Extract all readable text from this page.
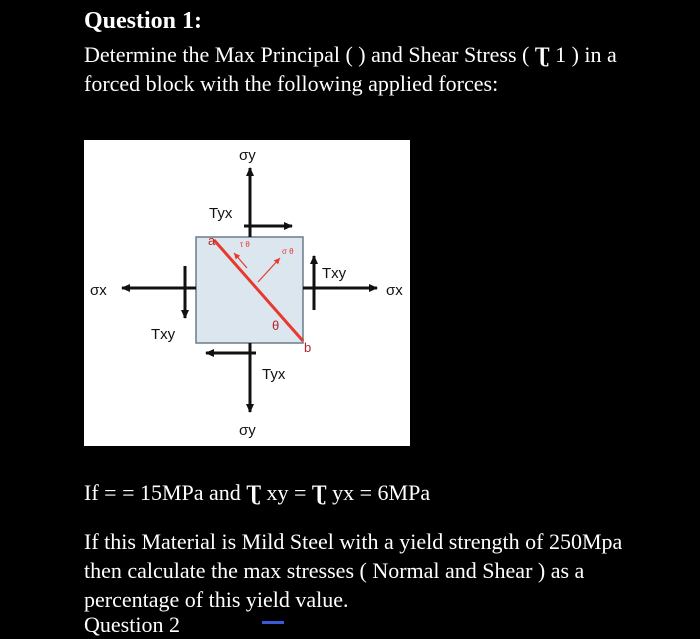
Question 1:
Determine the Max Principal ( ) and Shear Stress ( Ʈ 1 ) in a forced block with the following applied forces:
σy
σy
σx	σx
Tyx
Tyx
Txy
Txy
a
b
τ θ
σ θ
θ
If = = 15MPa and Ʈ xy = Ʈ yx = 6MPa
If this Material is Mild Steel with a yield strength of 250Mpa then calculate the max stresses ( Normal and Shear ) as a percentage of this yield value.
Question 2
